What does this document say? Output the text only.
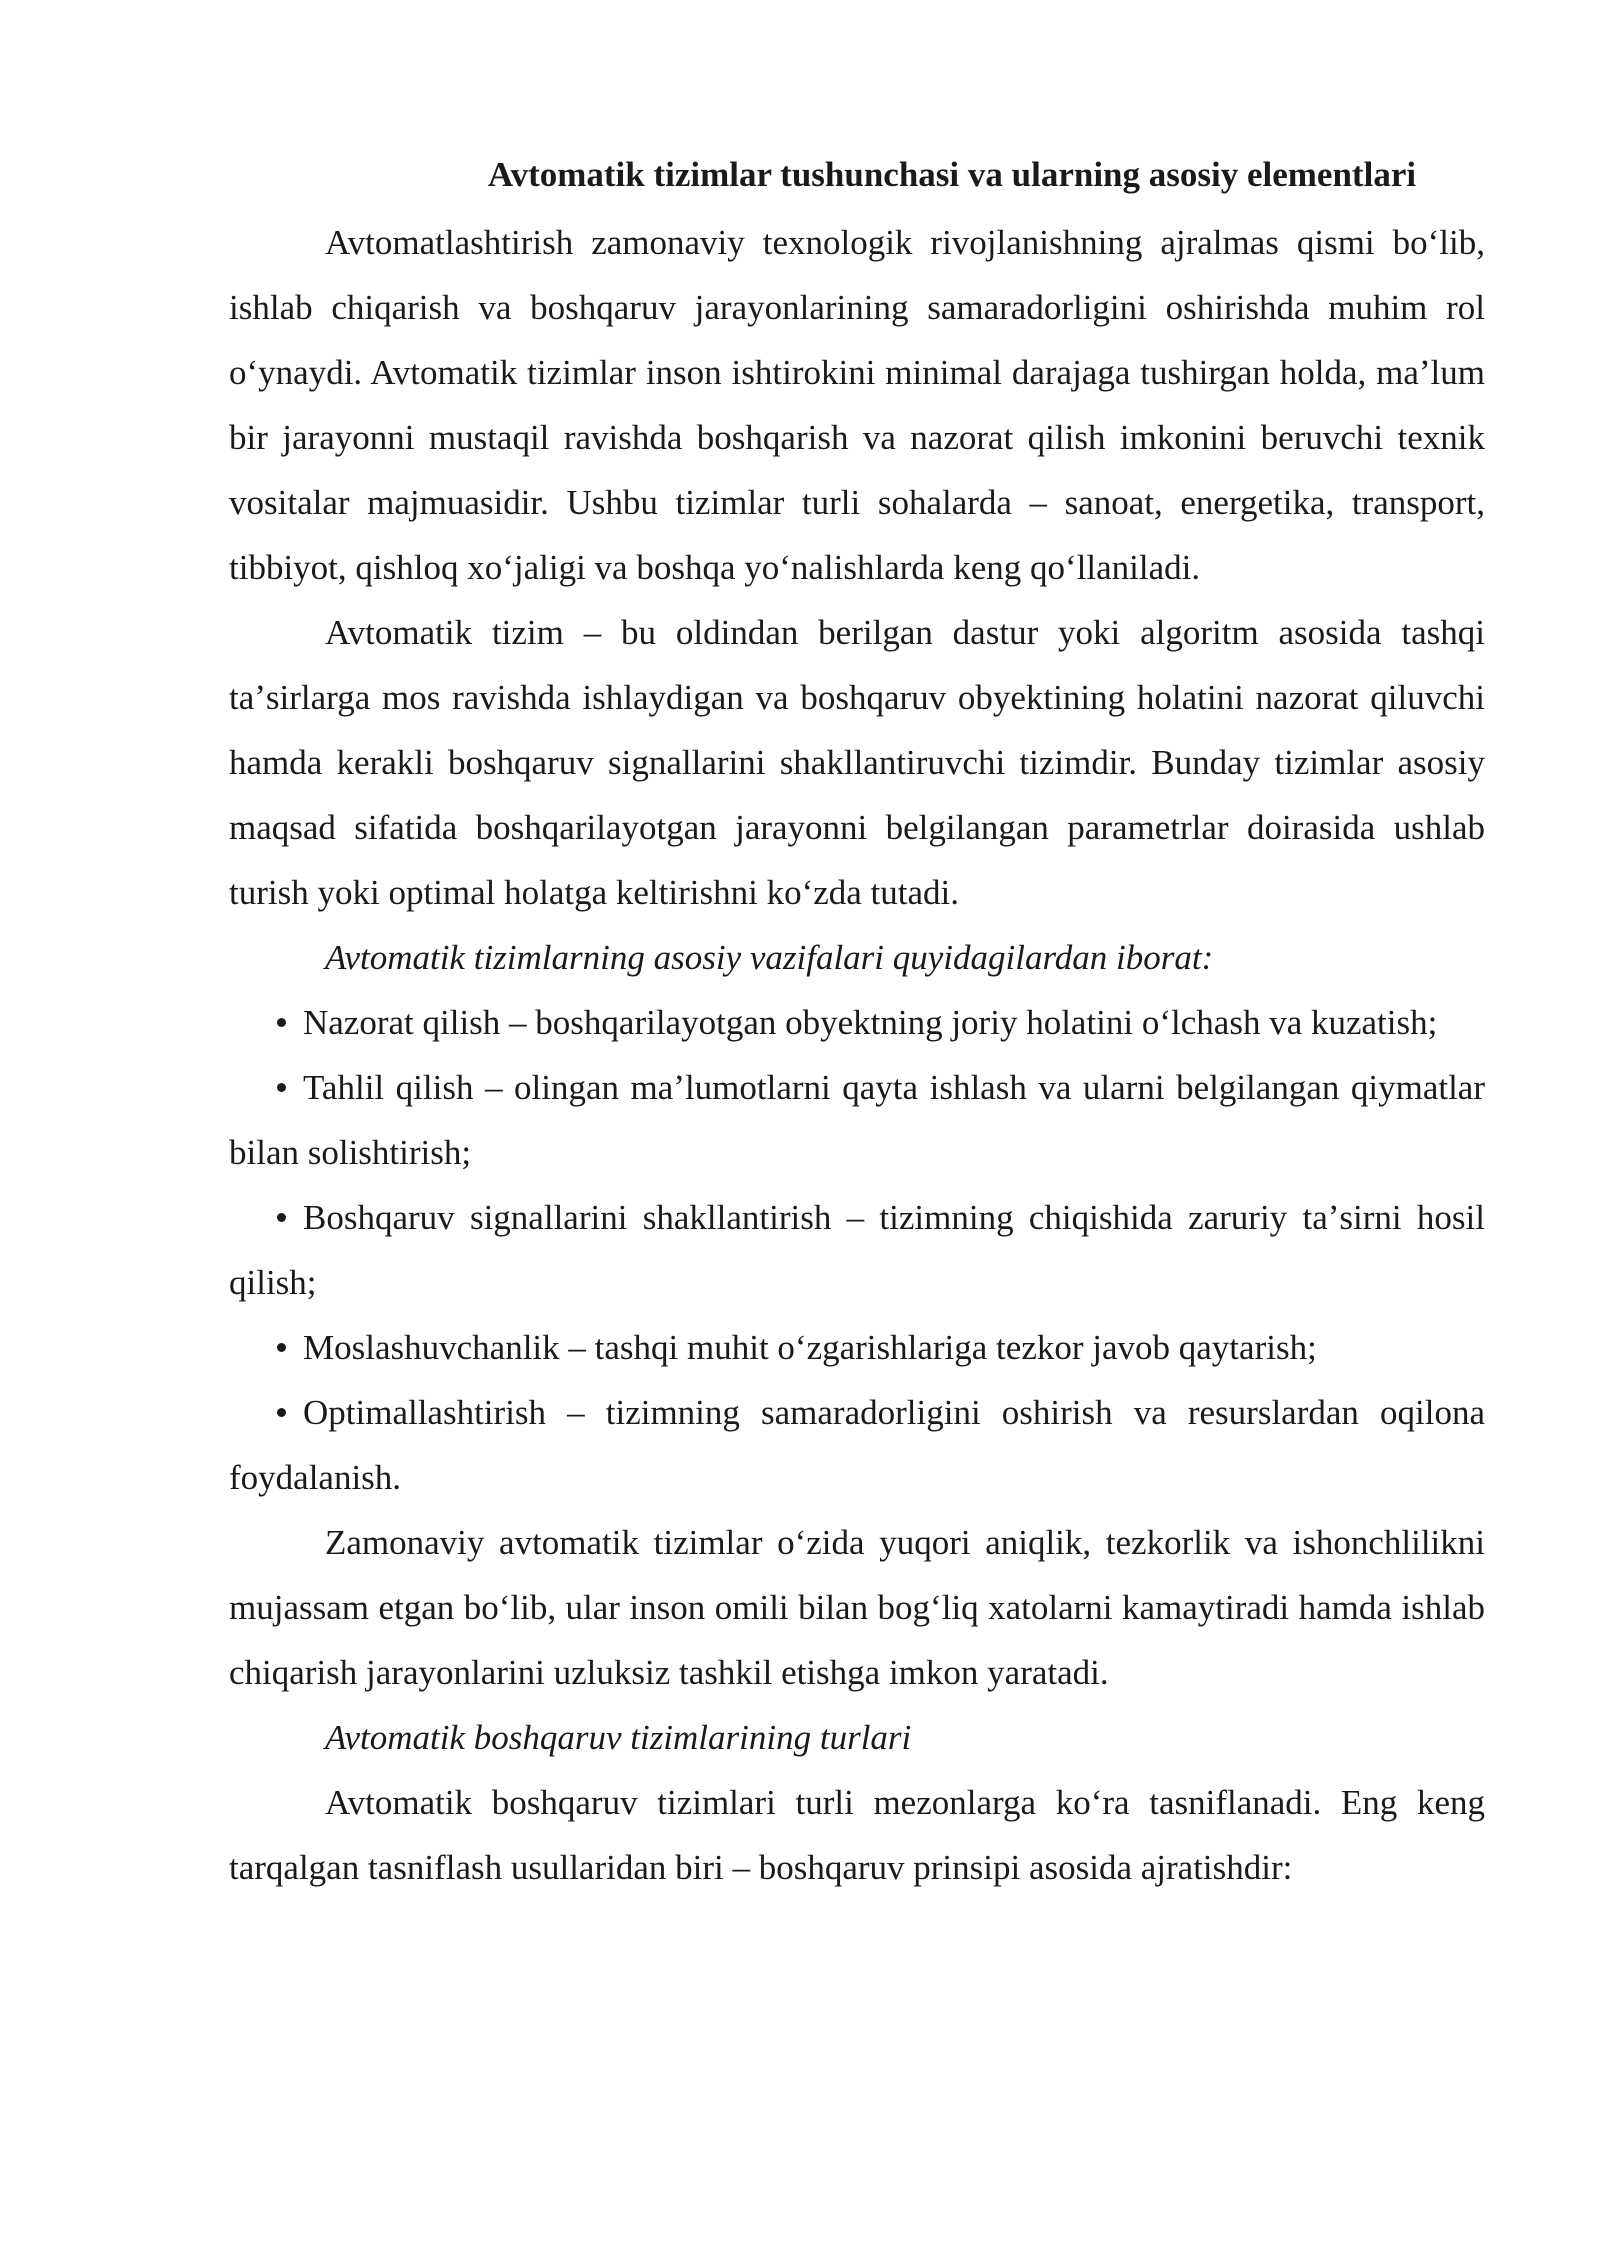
Avtomatik tizimlar tushunchasi va ularning asosiy elementlari

Avtomatlashtirish zamonaviy texnologik rivojlanishning ajralmas qismi boʻlib, ishlab chiqarish va boshqaruv jarayonlarining samaradorligini oshirishda muhim rol oʻynaydi. Avtomatik tizimlar inson ishtirokini minimal darajaga tushirgan holda, maʼlum bir jarayonni mustaqil ravishda boshqarish va nazorat qilish imkonini beruvchi texnik vositalar majmuasidir. Ushbu tizimlar turli sohalarda – sanoat, energetika, transport, tibbiyot, qishloq xoʻjaligi va boshqa yoʻnalishlarda keng qoʻllaniladi.

Avtomatik tizim – bu oldindan berilgan dastur yoki algoritm asosida tashqi taʼsirlarga mos ravishda ishlaydigan va boshqaruv obyektining holatini nazorat qiluvchi hamda kerakli boshqaruv signallarini shakllantiruvchi tizimdir. Bunday tizimlar asosiy maqsad sifatida boshqarilayotgan jarayonni belgilangan parametrlar doirasida ushlab turish yoki optimal holatga keltirishni koʻzda tutadi.

Avtomatik tizimlarning asosiy vazifalari quyidagilardan iborat:

Nazorat qilish – boshqarilayotgan obyektning joriy holatini oʻlchash va kuzatish;
Tahlil qilish – olingan maʼlumotlarni qayta ishlash va ularni belgilangan qiymatlar bilan solishtirish;
Boshqaruv signallarini shakllantirish – tizimning chiqishida zaruriy taʼsirni hosil qilish;
Moslashuvchanlik – tashqi muhit oʻzgarishlariga tezkor javob qaytarish;
Optimallashtirish – tizimning samaradorligini oshirish va resurslardan oqilona foydalanish.

Zamonaviy avtomatik tizimlar oʻzida yuqori aniqlik, tezkorlik va ishonchlilikni mujassam etgan boʻlib, ular inson omili bilan bogʻliq xatolarni kamaytiradi hamda ishlab chiqarish jarayonlarini uzluksiz tashkil etishga imkon yaratadi.

Avtomatik boshqaruv tizimlarining turlari

Avtomatik boshqaruv tizimlari turli mezonlarga koʻra tasniflanadi. Eng keng tarqalgan tasniflash usullaridan biri – boshqaruv prinsipi asosida ajratishdir:
